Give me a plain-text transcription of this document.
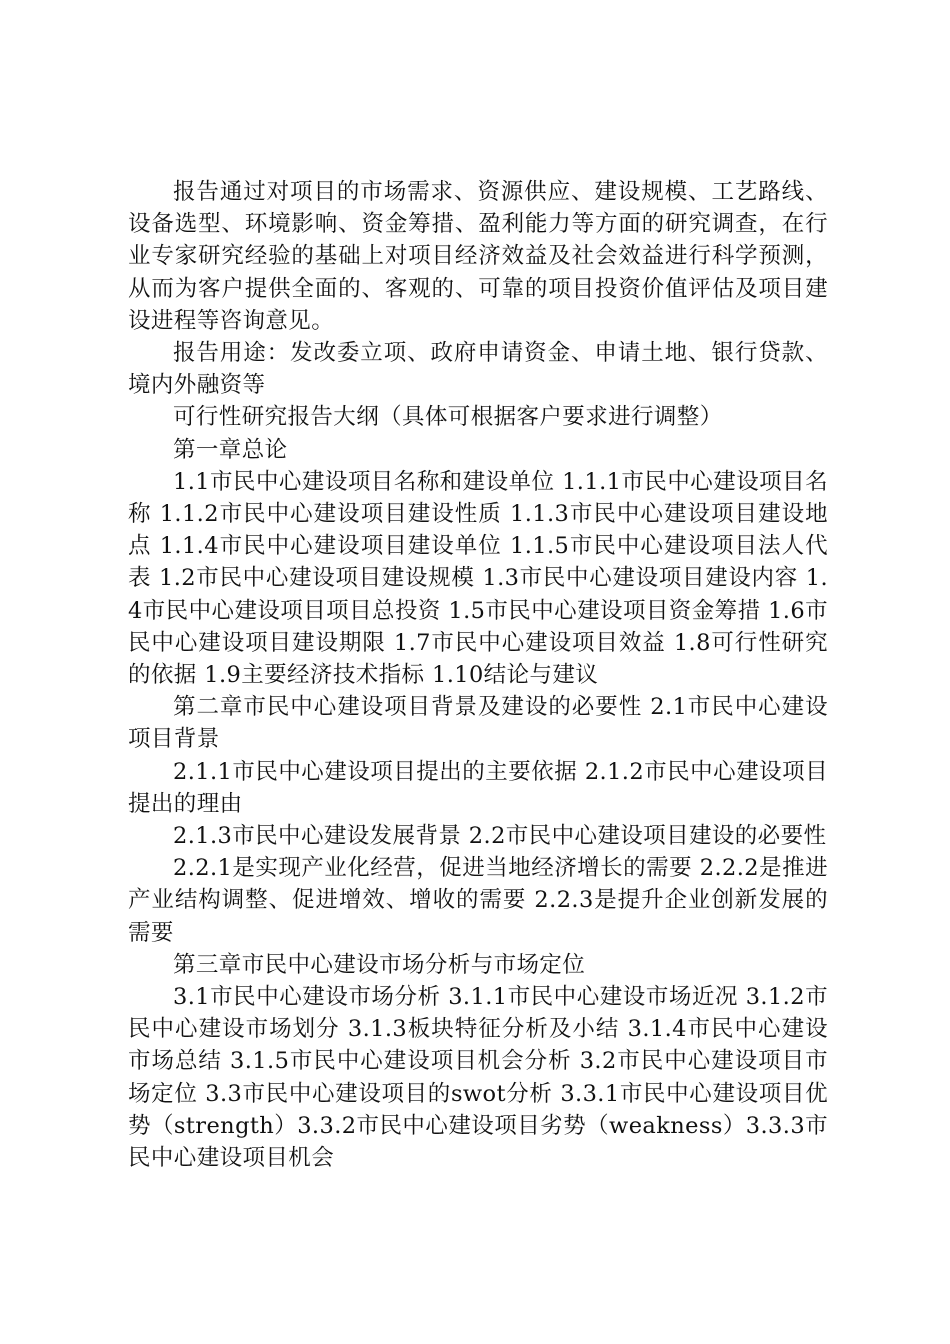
报告通过对项目的市场需求、资源供应、建设规模、工艺路线、设备选型、环境影响、资金筹措、盈利能力等方面的研究调查，在行业专家研究经验的基础上对项目经济效益及社会效益进行科学预测，从而为客户提供全面的、客观的、可靠的项目投资价值评估及项目建设进程等咨询意见。

报告用途：发改委立项、政府申请资金、申请土地、银行贷款、境内外融资等

可行性研究报告大纲（具体可根据客户要求进行调整）

第一章总论

1.1市民中心建设项目名称和建设单位 1.1.1市民中心建设项目名称 1.1.2市民中心建设项目建设性质 1.1.3市民中心建设项目建设地点 1.1.4市民中心建设项目建设单位 1.1.5市民中心建设项目法人代表 1.2市民中心建设项目建设规模 1.3市民中心建设项目建设内容 1.4市民中心建设项目项目总投资 1.5市民中心建设项目资金筹措 1.6市民中心建设项目建设期限 1.7市民中心建设项目效益 1.8可行性研究的依据 1.9主要经济技术指标 1.10结论与建议

第二章市民中心建设项目背景及建设的必要性 2.1市民中心建设项目背景

2.1.1市民中心建设项目提出的主要依据 2.1.2市民中心建设项目提出的理由

2.1.3市民中心建设发展背景 2.2市民中心建设项目建设的必要性

2.2.1是实现产业化经营，促进当地经济增长的需要 2.2.2是推进产业结构调整、促进增效、增收的需要 2.2.3是提升企业创新发展的需要

第三章市民中心建设市场分析与市场定位

3.1市民中心建设市场分析 3.1.1市民中心建设市场近况 3.1.2市民中心建设市场划分 3.1.3板块特征分析及小结 3.1.4市民中心建设市场总结 3.1.5市民中心建设项目机会分析 3.2市民中心建设项目市场定位 3.3市民中心建设项目的swot分析 3.3.1市民中心建设项目优势（strength）3.3.2市民中心建设项目劣势（weakness）3.3.3市民中心建设项目机会
